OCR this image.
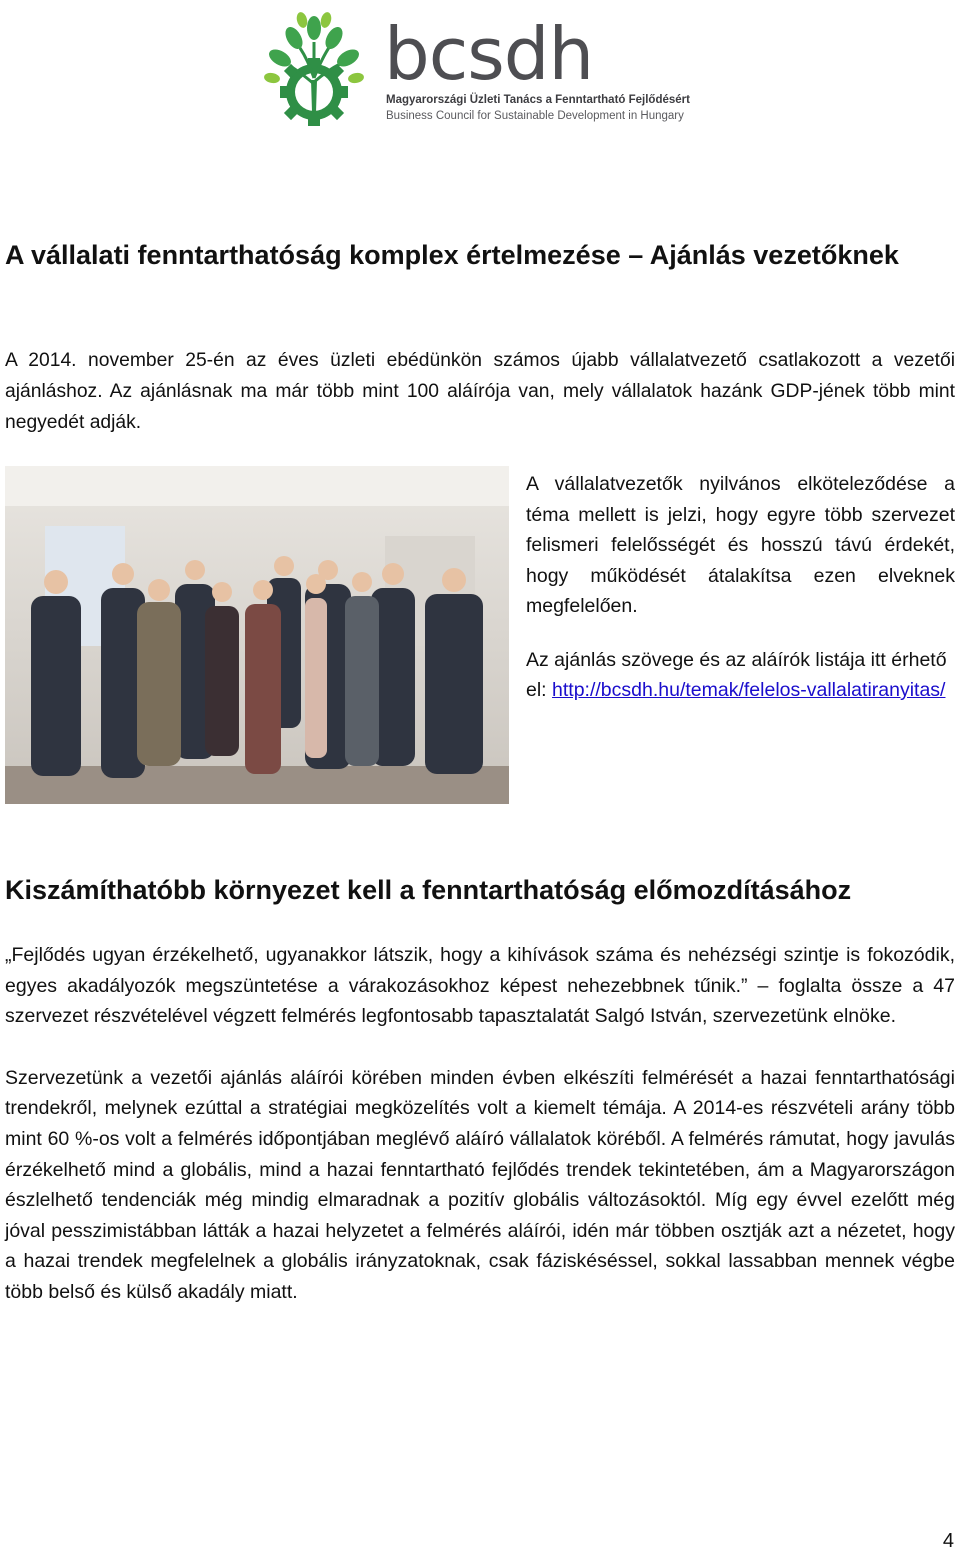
bcsdh
Magyarországi Üzleti Tanács a Fenntartható Fejlődésért
Business Council for Sustainable Development in Hungary
A vállalati fenntarthatóság komplex értelmezése – Ajánlás vezetőknek

A 2014. november 25-én az éves üzleti ebédünkön számos újabb vállalatvezető csatlakozott a vezetői ajánláshoz. Az ajánlásnak ma már több mint 100 aláírója van, mely vállalatok hazánk GDP-jének több mint negyedét adják.

A vállalatvezetők nyilvános elköteleződése a téma mellett is jelzi, hogy egyre több szervezet felismeri felelősségét és hosszú távú érdekét, hogy működését átalakítsa ezen elveknek megfelelően.

Az ajánlás szövege és az aláírók listája itt érhető el: http://bcsdh.hu/temak/felelos-vallalatiranyitas/

Kiszámíthatóbb környezet kell a fenntarthatóság előmozdításához

„Fejlődés ugyan érzékelhető, ugyanakkor látszik, hogy a kihívások száma és nehézségi szintje is fokozódik, egyes akadályozók megszüntetése a várakozásokhoz képest nehezebbnek tűnik.” – foglalta össze a 47 szervezet részvételével végzett felmérés legfontosabb tapasztalatát Salgó István, szervezetünk elnöke.

Szervezetünk a vezetői ajánlás aláírói körében minden évben elkészíti felmérését a hazai fenntarthatósági trendekről, melynek ezúttal a stratégiai megközelítés volt a kiemelt témája. A 2014-es részvételi arány több mint 60 %-os volt a felmérés időpontjában meglévő aláíró vállalatok köréből. A felmérés rámutat, hogy javulás érzékelhető mind a globális, mind a hazai fenntartható fejlődés trendek tekintetében, ám a Magyarországon észlelhető tendenciák még mindig elmaradnak a pozitív globális változásoktól. Míg egy évvel ezelőtt még jóval pesszimistábban látták a hazai helyzetet a felmérés aláírói, idén már többen osztják azt a nézetet, hogy a hazai trendek megfelelnek a globális irányzatoknak, csak fáziskéséssel, sokkal lassabban mennek végbe több belső és külső akadály miatt.

4
